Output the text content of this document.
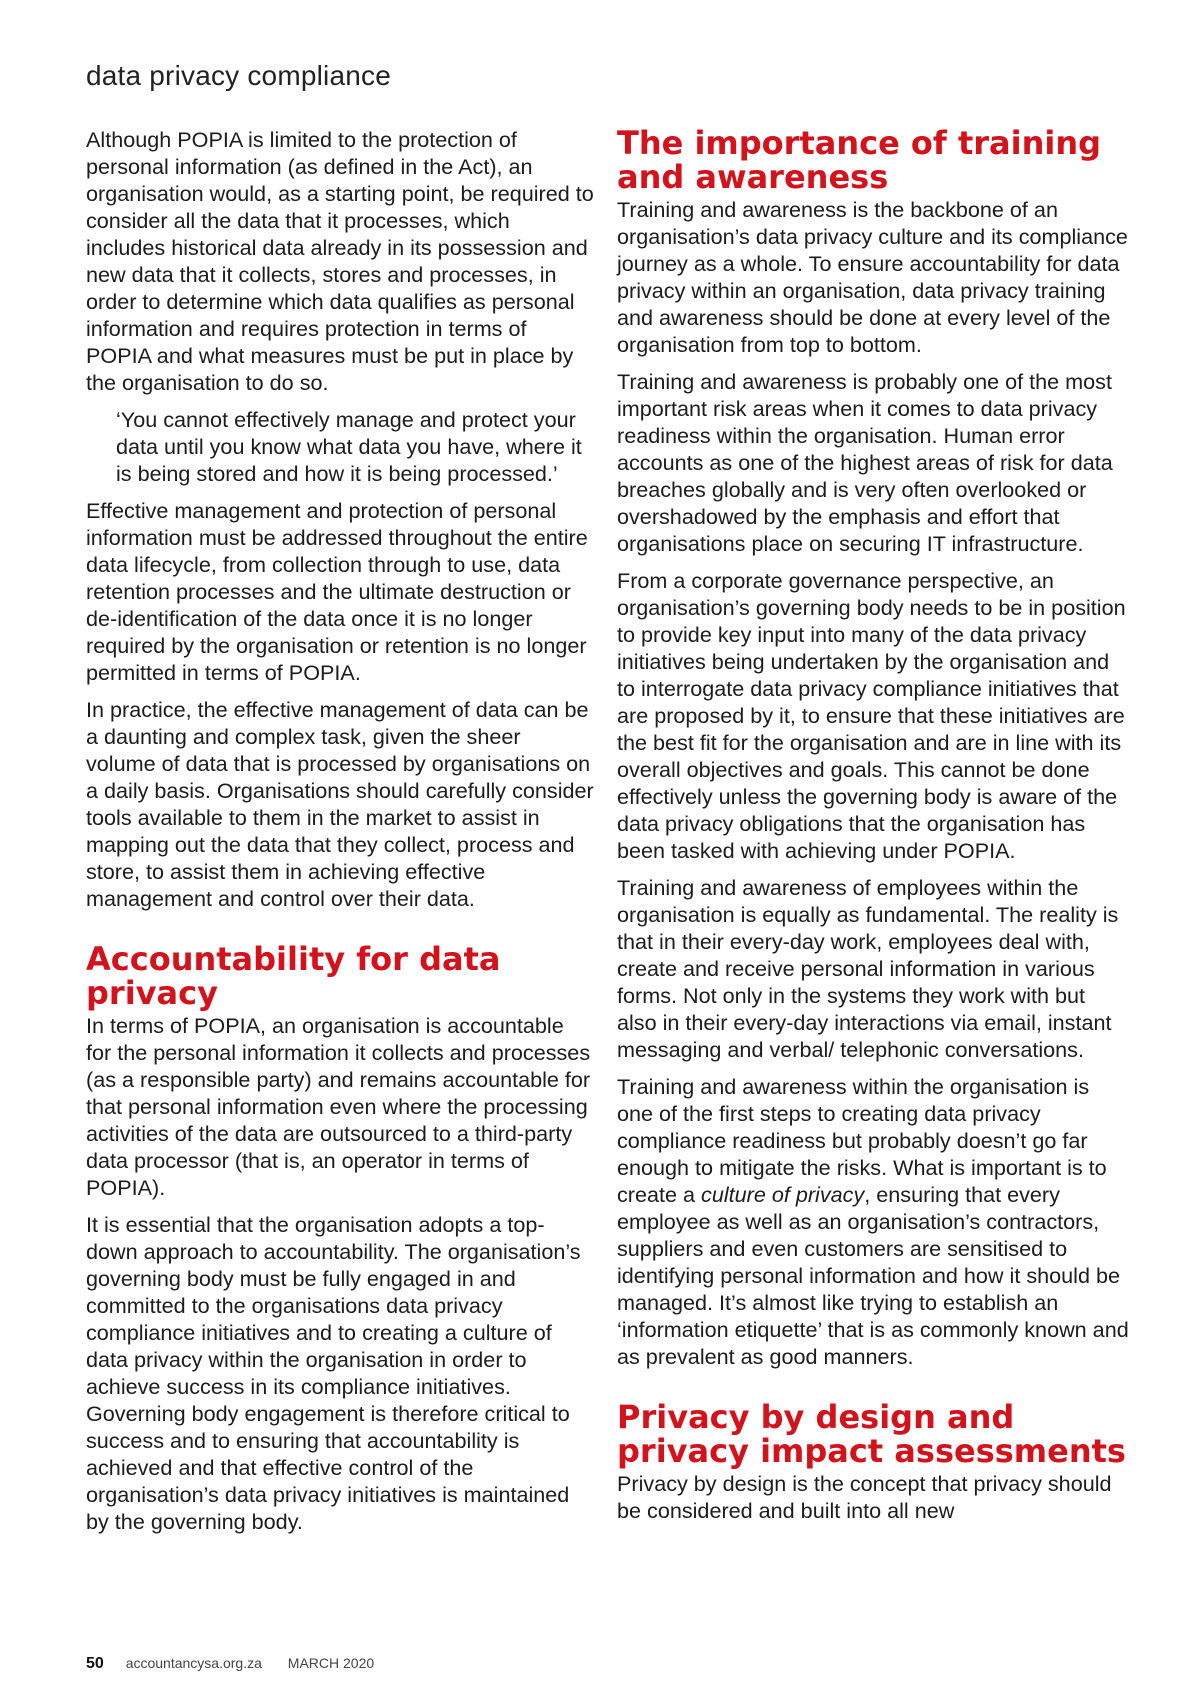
data privacy compliance

Although POPIA is limited to the protection of personal information (as defined in the Act), an organisation would, as a starting point, be required to consider all the data that it processes, which includes historical data already in its possession and new data that it collects, stores and processes, in order to determine which data qualifies as personal information and requires protection in terms of POPIA and what measures must be put in place by the organisation to do so.

‘You cannot effectively manage and protect your data until you know what data you have, where it is being stored and how it is being processed.’

Effective management and protection of personal information must be addressed throughout the entire data lifecycle, from collection through to use, data retention processes and the ultimate destruction or de-identification of the data once it is no longer required by the organisation or retention is no longer permitted in terms of POPIA.

In practice, the effective management of data can be a daunting and complex task, given the sheer volume of data that is processed by organisations on a daily basis. Organisations should carefully consider tools available to them in the market to assist in mapping out the data that they collect, process and store, to assist them in achieving effective management and control over their data.

Accountability for data privacy

In terms of POPIA, an organisation is accountable for the personal information it collects and processes (as a responsible party) and remains accountable for that personal information even where the processing activities of the data are outsourced to a third-party data processor (that is, an operator in terms of POPIA).

It is essential that the organisation adopts a top-down approach to accountability. The organisation’s governing body must be fully engaged in and committed to the organisations data privacy compliance initiatives and to creating a culture of data privacy within the organisation in order to achieve success in its compliance initiatives. Governing body engagement is therefore critical to success and to ensuring that accountability is achieved and that effective control of the organisation’s data privacy initiatives is maintained by the governing body.

The importance of training and awareness

Training and awareness is the backbone of an organisation’s data privacy culture and its compliance journey as a whole. To ensure accountability for data privacy within an organisation, data privacy training and awareness should be done at every level of the organisation from top to bottom.

Training and awareness is probably one of the most important risk areas when it comes to data privacy readiness within the organisation. Human error accounts as one of the highest areas of risk for data breaches globally and is very often overlooked or overshadowed by the emphasis and effort that organisations place on securing IT infrastructure.

From a corporate governance perspective, an organisation’s governing body needs to be in position to provide key input into many of the data privacy initiatives being undertaken by the organisation and to interrogate data privacy compliance initiatives that are proposed by it, to ensure that these initiatives are the best fit for the organisation and are in line with its overall objectives and goals. This cannot be done effectively unless the governing body is aware of the data privacy obligations that the organisation has been tasked with achieving under POPIA.

Training and awareness of employees within the organisation is equally as fundamental. The reality is that in their every-day work, employees deal with, create and receive personal information in various forms. Not only in the systems they work with but also in their every-day interactions via email, instant messaging and verbal/ telephonic conversations.

Training and awareness within the organisation is one of the first steps to creating data privacy compliance readiness but probably doesn’t go far enough to mitigate the risks. What is important is to create a culture of privacy, ensuring that every employee as well as an organisation’s contractors, suppliers and even customers are sensitised to identifying personal information and how it should be managed. It’s almost like trying to establish an ‘information etiquette’ that is as commonly known and as prevalent as good manners.

Privacy by design and privacy impact assessments

Privacy by design is the concept that privacy should be considered and built into all new

50 accountancysa.org.za MARCH 2020
